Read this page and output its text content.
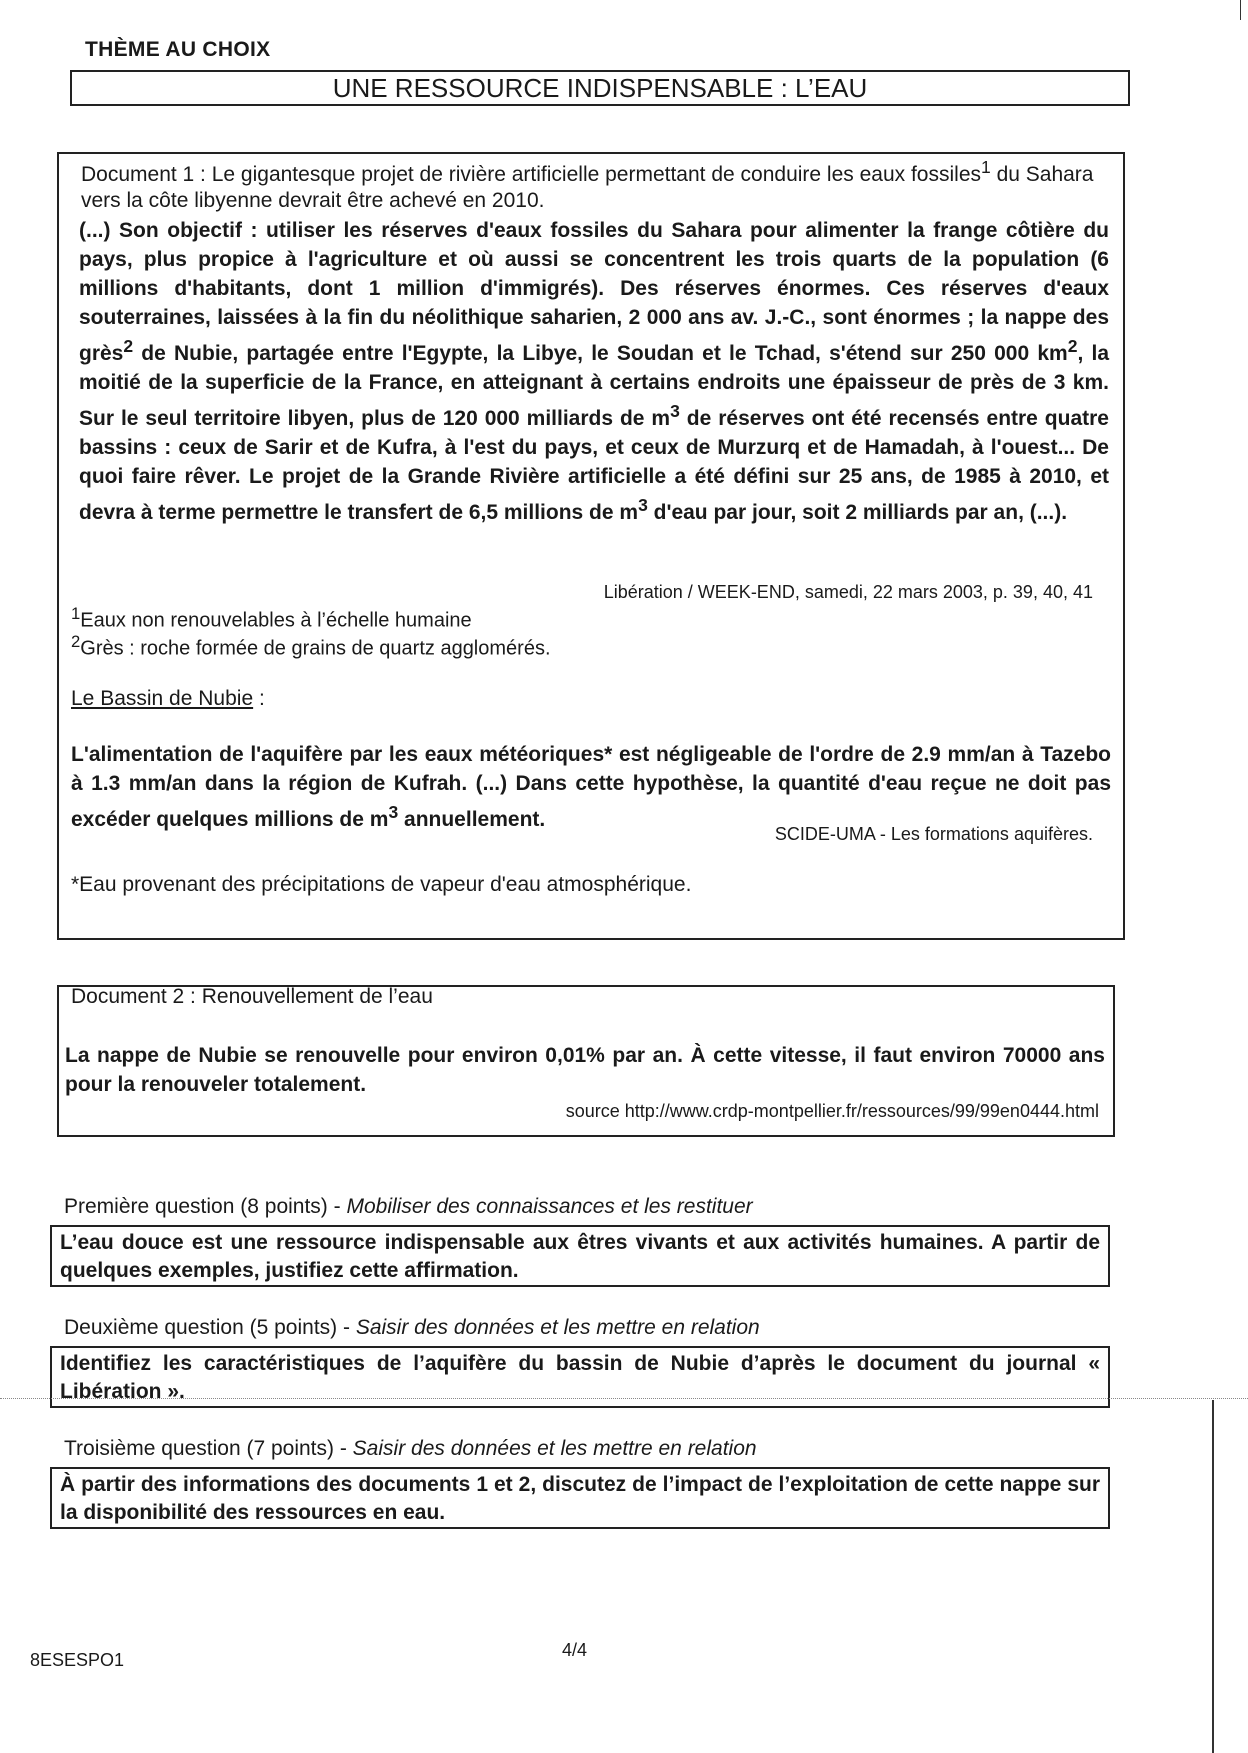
THÈME AU CHOIX
UNE RESSOURCE INDISPENSABLE : L’EAU

Document 1 : Le gigantesque projet de rivière artificielle permettant de conduire les eaux fossiles$^1$ du Sahara vers la côte libyenne devrait être achevé en 2010.

(...) Son objectif : utiliser les réserves d'eaux fossiles du Sahara pour alimenter la frange côtière du pays, plus propice à l'agriculture et où aussi se concentrent les trois quarts de la population (6 millions d'habitants, dont 1 million d'immigrés). Des réserves énormes. Ces réserves d'eaux souterraines, laissées à la fin du néolithique saharien, 2 000 ans av. J.-C., sont énormes ; la nappe des grès$^2$ de Nubie, partagée entre l'Egypte, la Libye, le Soudan et le Tchad, s'étend sur 250 000 $km^2$, la moitié de la superficie de la France, en atteignant à certains endroits une épaisseur de près de 3 km. Sur le seul territoire libyen, plus de 120 000 milliards de $m^3$ de réserves ont été recensés entre quatre bassins : ceux de Sarir et de Kufra, à l'est du pays, et ceux de Murzurq et de Hamadah, à l'ouest... De quoi faire rêver. Le projet de la Grande Rivière artificielle a été défini sur 25 ans, de 1985 à 2010, et devra à terme permettre le transfert de 6,5 millions de $m^3$ d'eau par jour, soit 2 milliards par an, (...).

Libération / WEEK-END, samedi, 22 mars 2003, p. 39, 40, 41

$^1$Eaux non renouvelables à l’échelle humaine

$^2$Grès : roche formée de grains de quartz agglomérés.

Le Bassin de Nubie :

L'alimentation de l'aquifère par les eaux météoriques* est négligeable de l'ordre de 2.9 mm/an à Tazebo à 1.3 mm/an dans la région de Kufrah. (...) Dans cette hypothèse, la quantité d'eau reçue ne doit pas excéder quelques millions de $m^3$ annuellement.

SCIDE-UMA - Les formations aquifères.

*Eau provenant des précipitations de vapeur d'eau atmosphérique.

Document 2 : Renouvellement de l’eau

La nappe de Nubie se renouvelle pour environ 0,01% par an. À cette vitesse, il faut environ 70000 ans pour la renouveler totalement.

source http://www.crdp-montpellier.fr/ressources/99/99en0444.html

Première question (8 points) - Mobiliser des connaissances et les restituer

L’eau douce est une ressource indispensable aux êtres vivants et aux activités humaines. A partir de quelques exemples, justifiez cette affirmation.

Deuxième question (5 points) - Saisir des données et les mettre en relation

Identifiez les caractéristiques de l’aquifère du bassin de Nubie d’après le document du journal « Libération ».

Troisième question (7 points) - Saisir des données et les mettre en relation

À partir des informations des documents 1 et 2, discutez de l’impact de l’exploitation de cette nappe sur la disponibilité des ressources en eau.
8ESESPO1	4/4
